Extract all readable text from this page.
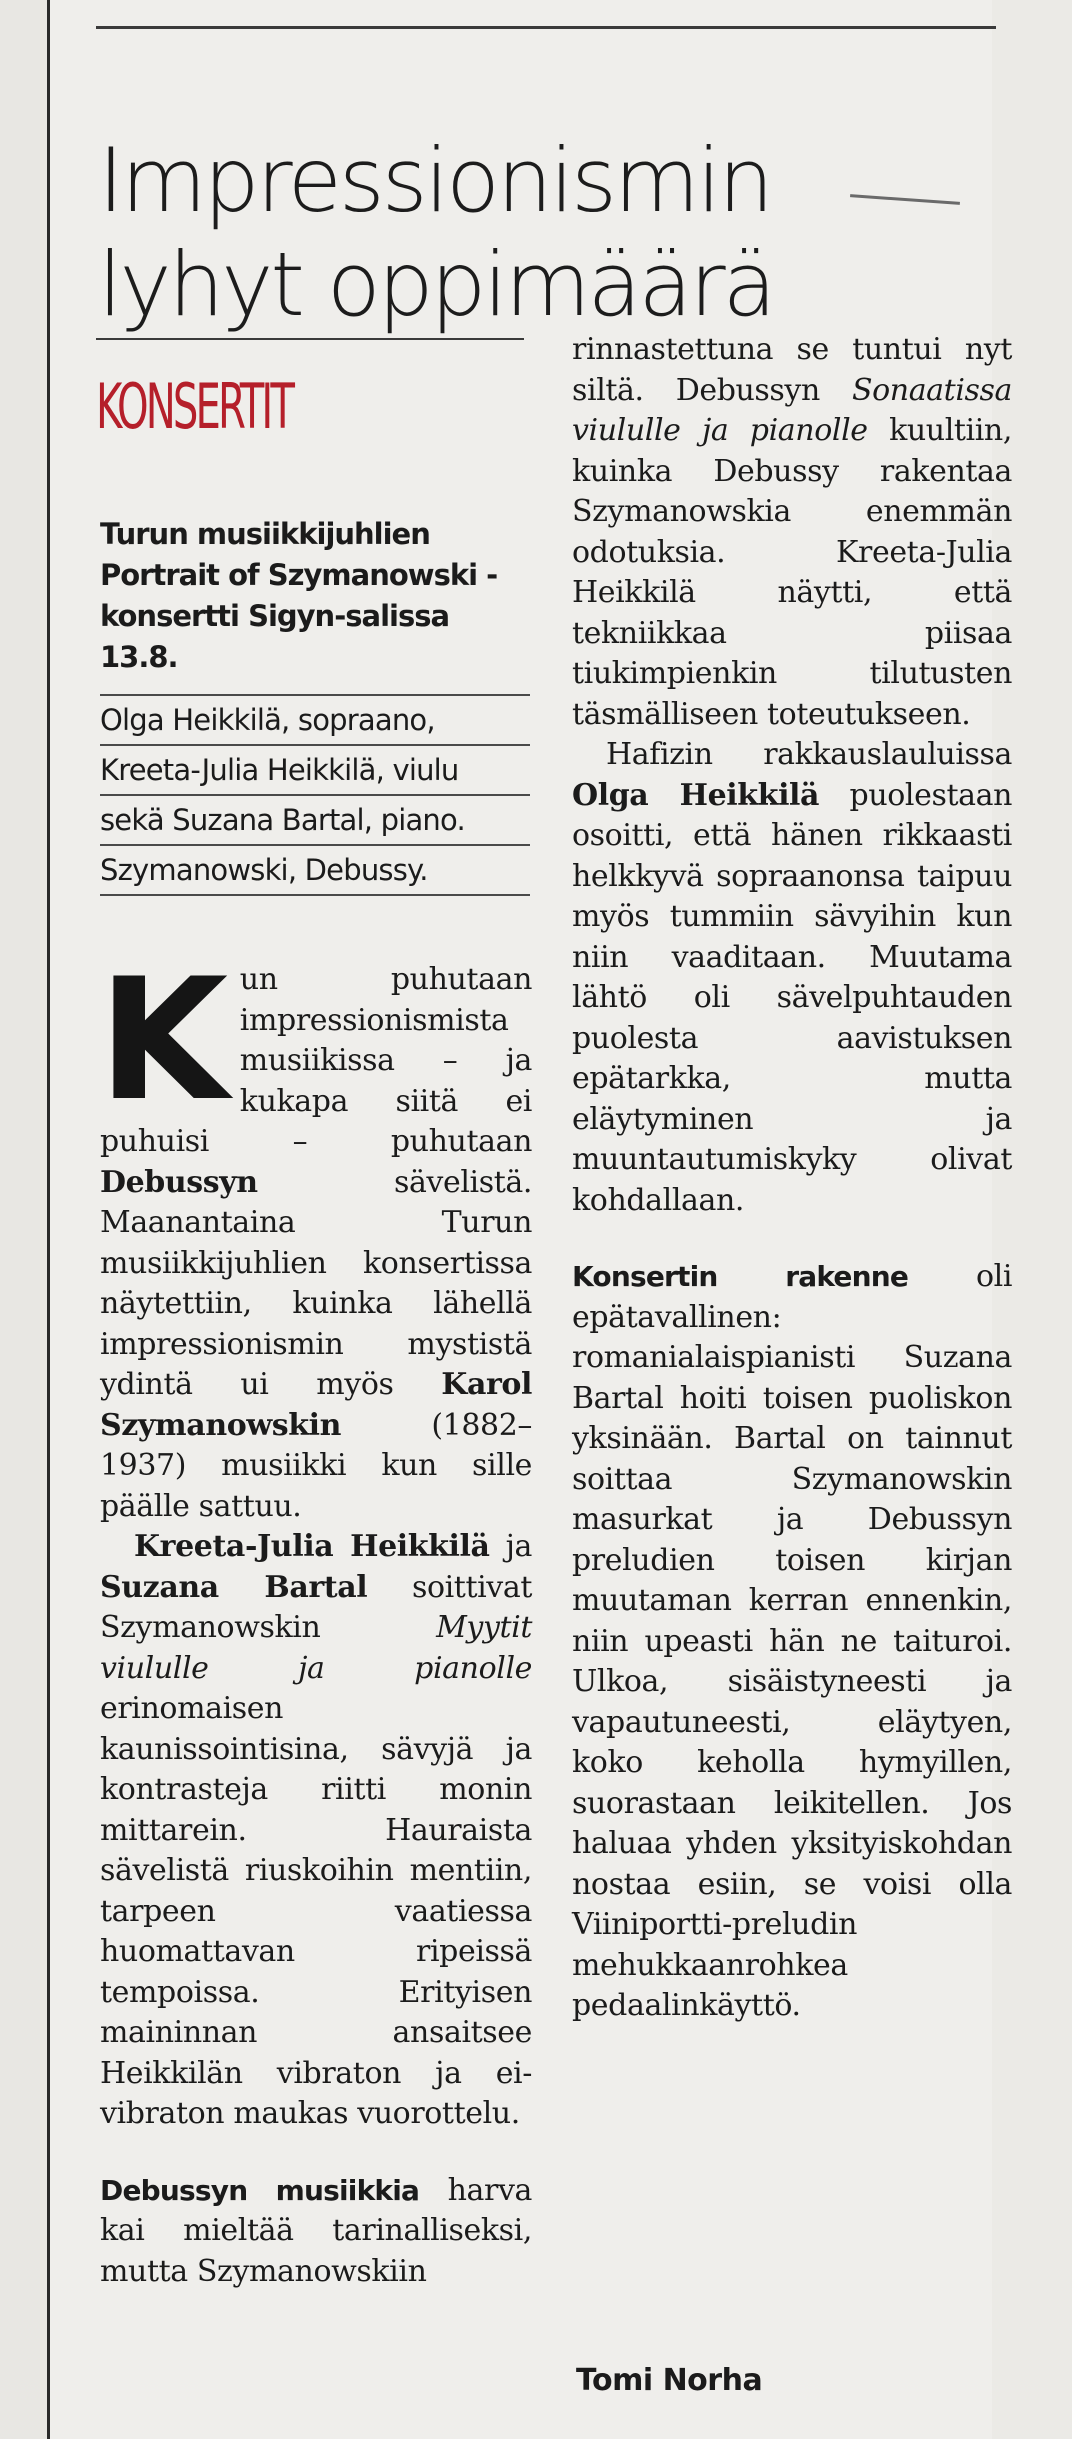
Impressionismin
lyhyt oppimäärä
KONSERTIT
Turun musiikkijuhlien Portrait of Szymanowski -konsertti Sigyn-salissa 13.8.
Olga Heikkilä, sopraano,
Kreeta-Julia Heikkilä, viulu
sekä Suzana Bartal, piano.
Szymanowski, Debussy.

Kun puhutaan impressionismista musiikissa – ja kukapa siitä ei puhuisi – puhutaan Debussyn sävelistä. Maanantaina Turun musiikkijuhlien konsertissa näytettiin, kuinka lähellä impressionismin mystistä ydintä ui myös Karol Szymanowskin (1882–1937) musiikki kun sille päälle sattuu.

Kreeta-Julia Heikkilä ja Suzana Bartal soittivat Szymanowskin Myytit viululle ja pianolle erinomaisen kaunissointisina, sävyjä ja kontrasteja riitti monin mittarein. Hauraista sävelistä riuskoihin mentiin, tarpeen vaatiessa huomattavan ripeissä tempoissa. Erityisen maininnan ansaitsee Heikkilän vibraton ja ei-vibraton maukas vuorottelu.

Debussyn musiikkia harva kai mieltää tarinalliseksi, mutta Szymanowskiin

rinnastettuna se tuntui nyt siltä. Debussyn Sonaatissa viululle ja pianolle kuultiin, kuinka Debussy rakentaa Szymanowskia enemmän odotuksia. Kreeta-Julia Heikkilä näytti, että tekniikkaa piisaa tiukimpienkin tilutusten täsmälliseen toteutukseen.

Hafizin rakkauslauluissa Olga Heikkilä puolestaan osoitti, että hänen rikkaasti helkkyvä sopraanonsa taipuu myös tummiin sävyihin kun niin vaaditaan. Muutama lähtö oli sävelpuhtauden puolesta aavistuksen epätarkka, mutta eläytyminen ja muuntautumiskyky olivat kohdallaan.

Konsertin rakenne oli epätavallinen: romanialaispianisti Suzana Bartal hoiti toisen puoliskon yksinään. Bartal on tainnut soittaa Szymanowskin masurkat ja Debussyn preludien toisen kirjan muutaman kerran ennenkin, niin upeasti hän ne taituroi. Ulkoa, sisäistyneesti ja vapautuneesti, eläytyen, koko keholla hymyillen, suorastaan leikitellen. Jos haluaa yhden yksityiskohdan nostaa esiin, se voisi olla Viiniportti-preludin mehukkaanrohkea pedaalinkäyttö.

Tomi Norha
